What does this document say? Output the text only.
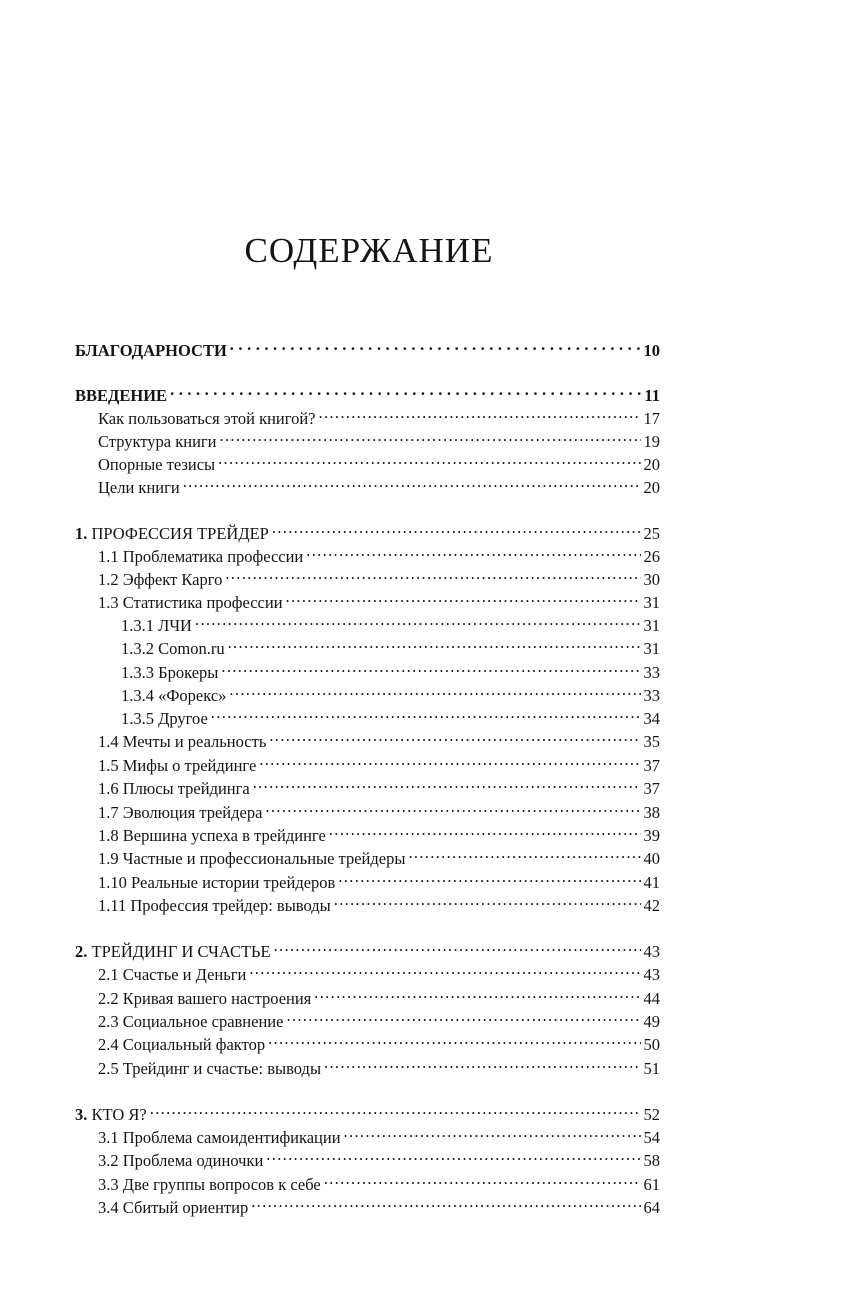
СОДЕРЖАНИЕ
БЛАГОДАРНОСТИ . . .	10
ВВЕДЕНИЕ . . .	11
Как пользоваться этой книгой? . . .	17
Структура книги . . .	19
Опорные тезисы . . .	20
Цели книги . . .	20
1. ПРОФЕССИЯ ТРЕЙДЕР . . .	25
1.1 Проблематика профессии . . .	26
1.2 Эффект Карго . . .	30
1.3 Статистика профессии . . .	31
1.3.1 ЛЧИ . . .	31
1.3.2 Comon.ru . . .	31
1.3.3 Брокеры . . .	33
1.3.4 «Форекс» . . .	33
1.3.5 Другое . . .	34
1.4 Мечты и реальность . . .	35
1.5 Мифы о трейдинге . . .	37
1.6 Плюсы трейдинга . . .	37
1.7 Эволюция трейдера . . .	38
1.8 Вершина успеха в трейдинге . . .	39
1.9 Частные и профессиональные трейдеры . . .	40
1.10 Реальные истории трейдеров . . .	41
1.11 Профессия трейдер: выводы . . .	42
2. ТРЕЙДИНГ И СЧАСТЬЕ . . .	43
2.1 Счастье и Деньги . . .	43
2.2 Кривая вашего настроения . . .	44
2.3 Социальное сравнение . . .	49
2.4 Социальный фактор . . .	50
2.5 Трейдинг и счастье: выводы . . .	51
3. КТО Я? . . .	52
3.1 Проблема самоидентификации . . .	54
3.2 Проблема одиночки . . .	58
3.3 Две группы вопросов к себе . . .	61
3.4 Сбитый ориентир . . .	64
